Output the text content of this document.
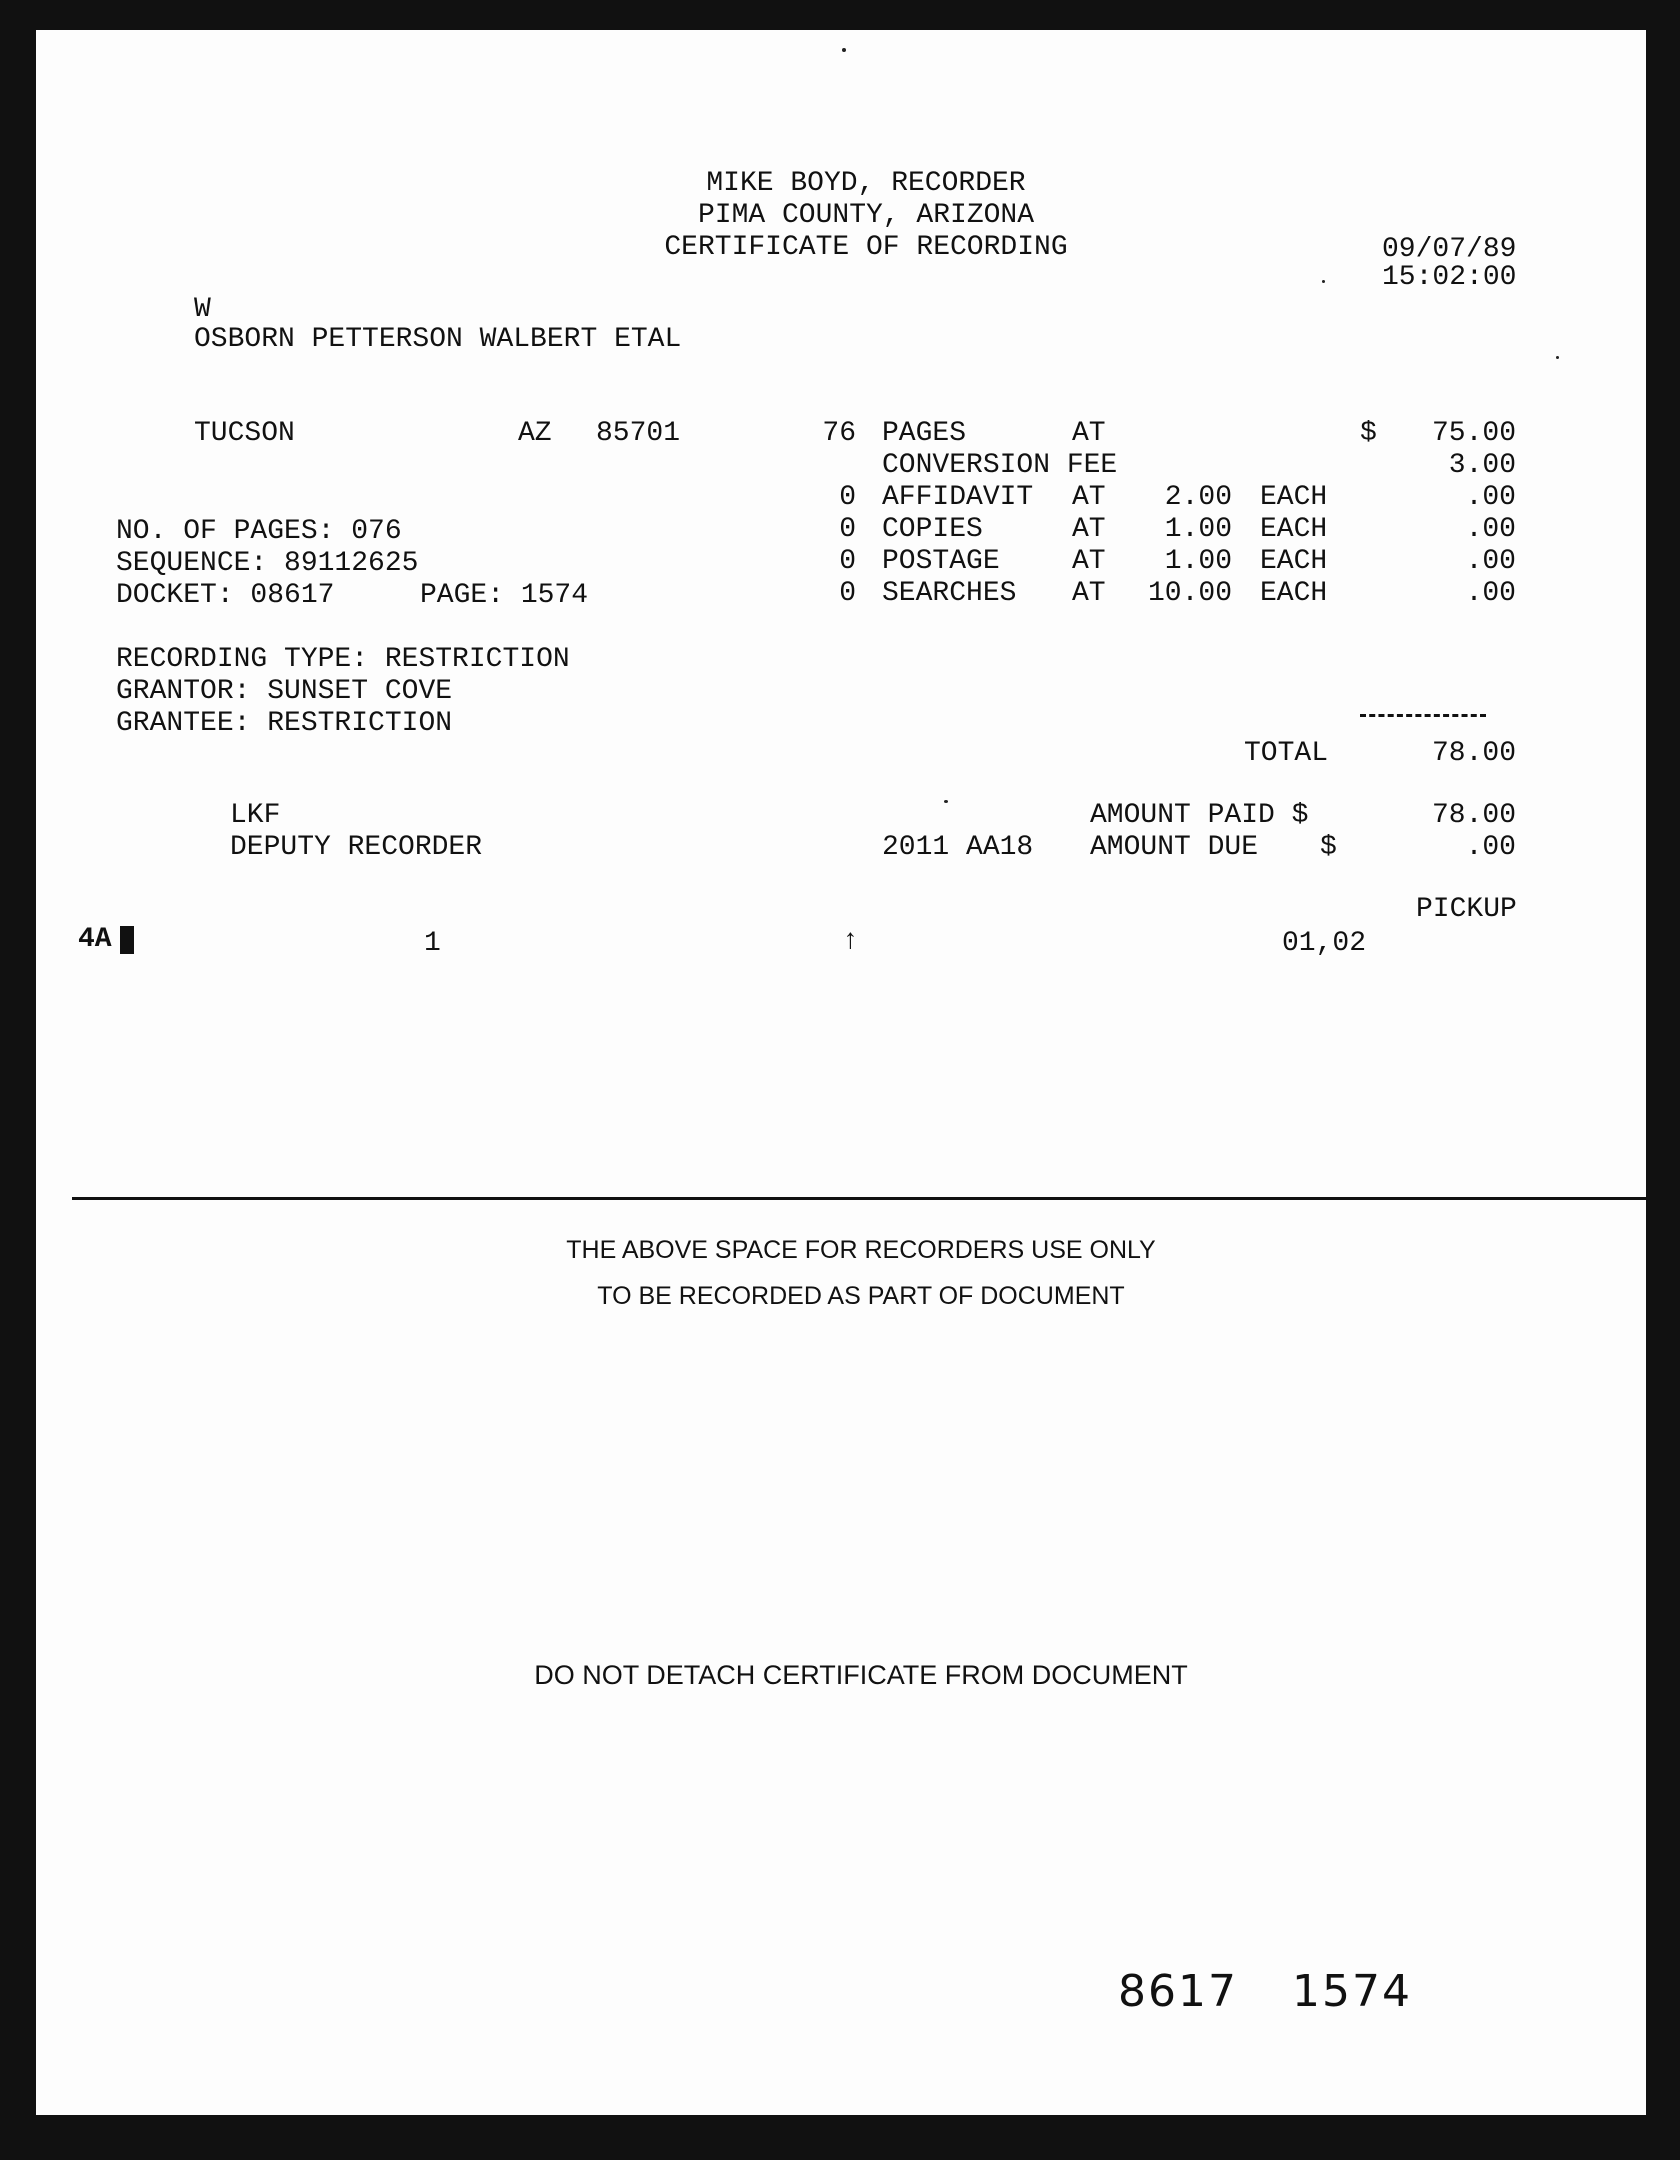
MIKE BOYD, RECORDER
PIMA COUNTY, ARIZONA
CERTIFICATE OF RECORDING	09/07/89
15:02:00
W
OSBORN PETTERSON WALBERT ETAL
TUCSON	AZ 85701
NO. OF PAGES: 076
SEQUENCE: 89112625
DOCKET: 08617	PAGE: 1574
RECORDING TYPE: RESTRICTION
GRANTOR: SUNSET COVE
GRANTEE: RESTRICTION
76 PAGES	AT	$	75.00
CONVERSION FEE	3.00
0 AFFIDAVIT AT	2.00 EACH	.00
0 COPIES	AT	1.00 EACH	.00
0 POSTAGE	AT	1.00 EACH	.00
0 SEARCHES AT	10.00 EACH	.00
TOTAL	78.00
LKF
DEPUTY RECORDER
AMOUNT PAID $	78.00
2011 AA18 AMOUNT DUE $	.00
PICKUP
4A	1	↑	01,02
THE ABOVE SPACE FOR RECORDERS USE ONLY
TO BE RECORDED AS PART OF DOCUMENT
DO NOT DETACH CERTIFICATE FROM DOCUMENT
8617 1574
